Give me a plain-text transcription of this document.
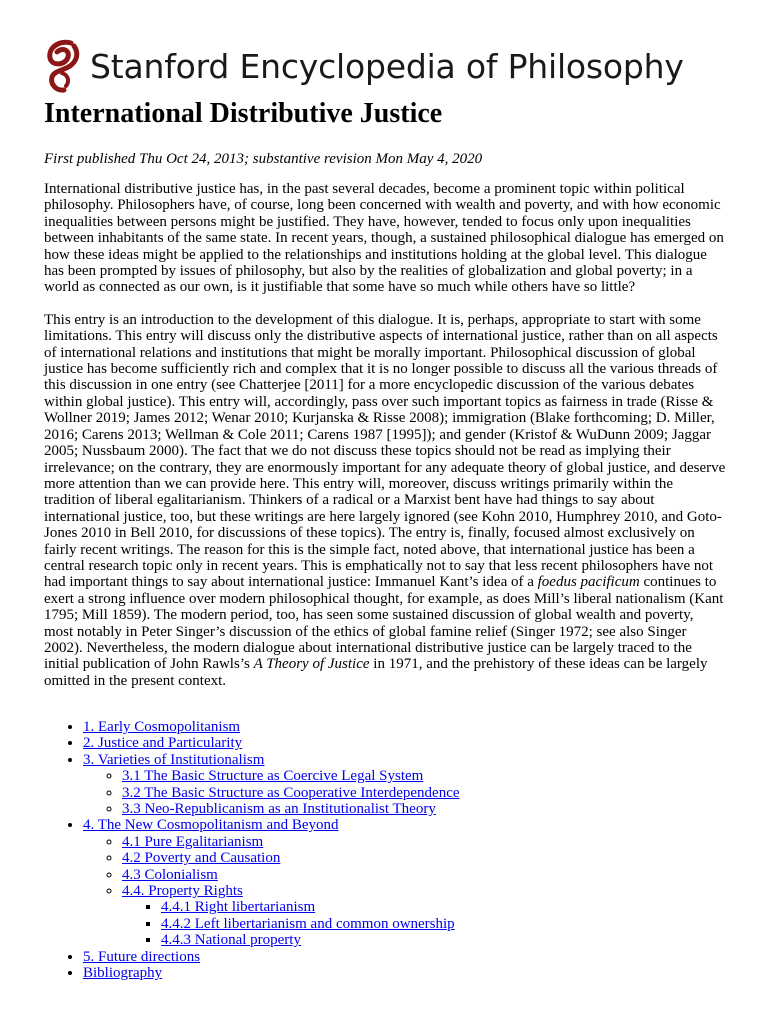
Stanford Encyclopedia of Philosophy
International Distributive Justice
First published Thu Oct 24, 2013; substantive revision Mon May 4, 2020

International distributive justice has, in the past several decades, become a prominent topic within political philosophy. Philosophers have, of course, long been concerned with wealth and poverty, and with how economic inequalities between persons might be justified. They have, however, tended to focus only upon inequalities between inhabitants of the same state. In recent years, though, a sustained philosophical dialogue has emerged on how these ideas might be applied to the relationships and institutions holding at the global level. This dialogue has been prompted by issues of philosophy, but also by the realities of globalization and global poverty; in a world as connected as our own, is it justifiable that some have so much while others have so little?

This entry is an introduction to the development of this dialogue. It is, perhaps, appropriate to start with some limitations. This entry will discuss only the distributive aspects of international justice, rather than on all aspects of international relations and institutions that might be morally important. Philosophical discussion of global justice has become sufficiently rich and complex that it is no longer possible to discuss all the various threads of this discussion in one entry (see Chatterjee [2011] for a more encyclopedic discussion of the various debates within global justice). This entry will, accordingly, pass over such important topics as fairness in trade (Risse & Wollner 2019; James 2012; Wenar 2010; Kurjanska & Risse 2008); immigration (Blake forthcoming; D. Miller, 2016; Carens 2013; Wellman & Cole 2011; Carens 1987 [1995]); and gender (Kristof & WuDunn 2009; Jaggar 2005; Nussbaum 2000). The fact that we do not discuss these topics should not be read as implying their irrelevance; on the contrary, they are enormously important for any adequate theory of global justice, and deserve more attention than we can provide here. This entry will, moreover, discuss writings primarily within the tradition of liberal egalitarianism. Thinkers of a radical or a Marxist bent have had things to say about international justice, too, but these writings are here largely ignored (see Kohn 2010, Humphrey 2010, and Goto-Jones 2010 in Bell 2010, for discussions of these topics). The entry is, finally, focused almost exclusively on fairly recent writings. The reason for this is the simple fact, noted above, that international justice has been a central research topic only in recent years. This is emphatically not to say that less recent philosophers have not had important things to say about international justice: Immanuel Kant’s idea of a foedus pacificum continues to exert a strong influence over modern philosophical thought, for example, as does Mill’s liberal nationalism (Kant 1795; Mill 1859). The modern period, too, has seen some sustained discussion of global wealth and poverty, most notably in Peter Singer’s discussion of the ethics of global famine relief (Singer 1972; see also Singer 2002). Nevertheless, the modern dialogue about international distributive justice can be largely traced to the initial publication of John Rawls’s A Theory of Justice in 1971, and the prehistory of these ideas can be largely omitted in the present context.

• 1. Early Cosmopolitanism
• 2. Justice and Particularity
• 3. Varieties of Institutionalism
◦ 3.1 The Basic Structure as Coercive Legal System
◦ 3.2 The Basic Structure as Cooperative Interdependence
◦ 3.3 Neo-Republicanism as an Institutionalist Theory
• 4. The New Cosmopolitanism and Beyond
◦ 4.1 Pure Egalitarianism
◦ 4.2 Poverty and Causation
◦ 4.3 Colonialism
◦ 4.4. Property Rights
▪ 4.4.1 Right libertarianism
▪ 4.4.2 Left libertarianism and common ownership
▪ 4.4.3 National property
• 5. Future directions
• Bibliography
